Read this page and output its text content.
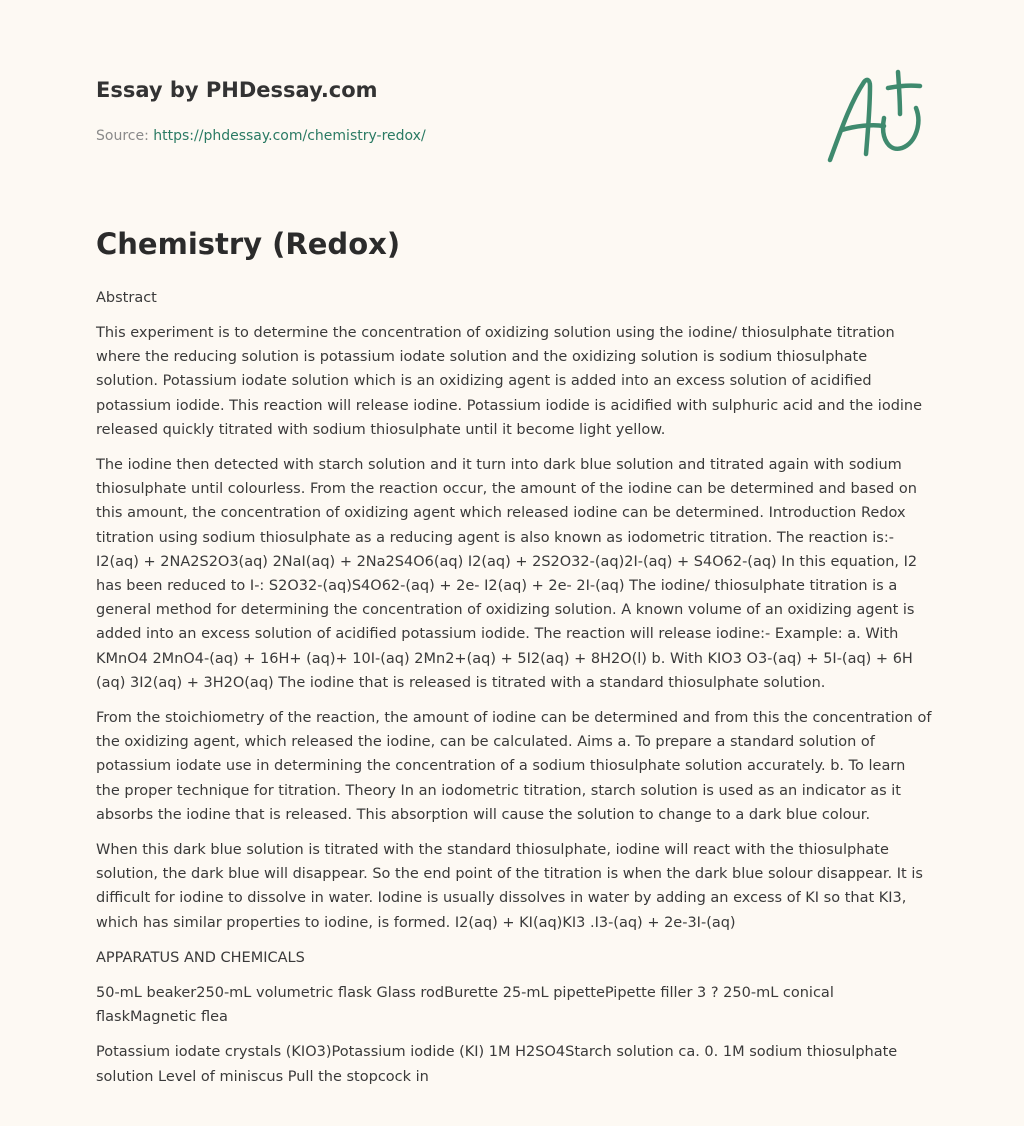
Essay by PHDessay.com
Source: https://phdessay.com/chemistry-redox/
Chemistry (Redox)
Abstract

This experiment is to determine the concentration of oxidizing solution using the iodine/ thiosulphate titration where the reducing solution is potassium iodate solution and the oxidizing solution is sodium thiosulphate solution. Potassium iodate solution which is an oxidizing agent is added into an excess solution of acidified potassium iodide. This reaction will release iodine. Potassium iodide is acidified with sulphuric acid and the iodine released quickly titrated with sodium thiosulphate until it become light yellow.

The iodine then detected with starch solution and it turn into dark blue solution and titrated again with sodium thiosulphate until colourless. From the reaction occur, the amount of the iodine can be determined and based on this amount, the concentration of oxidizing agent which released iodine can be determined. Introduction Redox titration using sodium thiosulphate as a reducing agent is also known as iodometric titration. The reaction is:- I2(aq) + 2NA2S2O3(aq) 2NaI(aq) + 2Na2S4O6(aq) I2(aq) + 2S2O32-(aq)2I-(aq) + S4O62-(aq) In this equation, I2 has been reduced to I-: S2O32-(aq)S4O62-(aq) + 2e- I2(aq) + 2e- 2I-(aq) The iodine/ thiosulphate titration is a general method for determining the concentration of oxidizing solution. A known volume of an oxidizing agent is added into an excess solution of acidified potassium iodide. The reaction will release iodine:- Example: a. With KMnO4 2MnO4-(aq) + 16H+ (aq)+ 10I-(aq) 2Mn2+(aq) + 5I2(aq) + 8H2O(l) b. With KIO3 O3-(aq) + 5I-(aq) + 6H (aq) 3I2(aq) + 3H2O(aq) The iodine that is released is titrated with a standard thiosulphate solution.

From the stoichiometry of the reaction, the amount of iodine can be determined and from this the concentration of the oxidizing agent, which released the iodine, can be calculated. Aims a. To prepare a standard solution of potassium iodate use in determining the concentration of a sodium thiosulphate solution accurately. b. To learn the proper technique for titration. Theory In an iodometric titration, starch solution is used as an indicator as it absorbs the iodine that is released. This absorption will cause the solution to change to a dark blue colour.

When this dark blue solution is titrated with the standard thiosulphate, iodine will react with the thiosulphate solution, the dark blue will disappear. So the end point of the titration is when the dark blue solour disappear. It is difficult for iodine to dissolve in water. Iodine is usually dissolves in water by adding an excess of KI so that KI3, which has similar properties to iodine, is formed. I2(aq) + KI(aq)KI3 .I3-(aq) + 2e-3I-(aq)

APPARATUS AND CHEMICALS

50-mL beaker250-mL volumetric flask Glass rodBurette 25-mL pipettePipette filler 3 ? 250-mL conical flaskMagnetic flea

Potassium iodate crystals (KIO3)Potassium iodide (KI) 1M H2SO4Starch solution ca. 0. 1M sodium thiosulphate solution Level of miniscus Pull the stopcock in
